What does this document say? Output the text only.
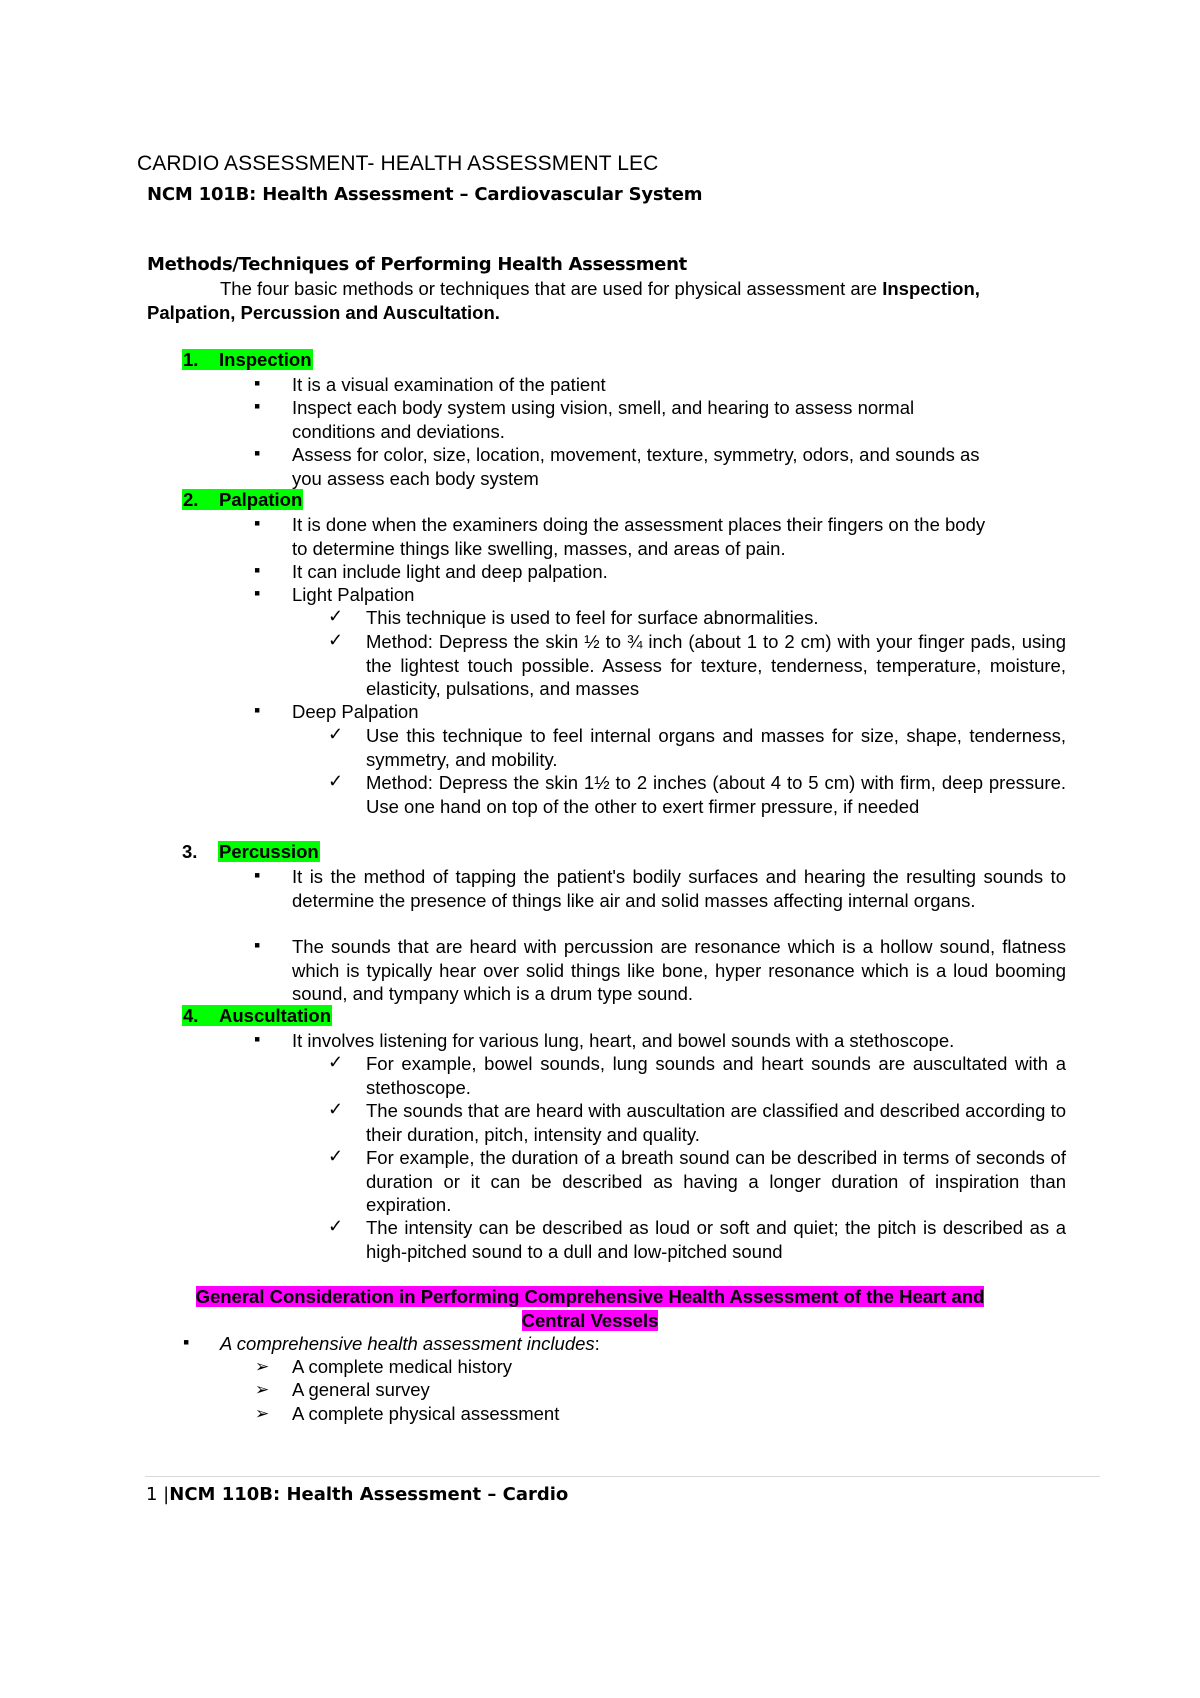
CARDIO ASSESSMENT- HEALTH ASSESSMENT LEC
NCM 101B: Health Assessment – Cardiovascular System
Methods/Techniques of Performing Health Assessment
The four basic methods or techniques that are used for physical assessment are Inspection,
Palpation, Percussion and Auscultation.
1. Inspection
▪ It is a visual examination of the patient
▪ Inspect each body system using vision, smell, and hearing to assess normal
conditions and deviations.
▪ Assess for color, size, location, movement, texture, symmetry, odors, and sounds as
you assess each body system
2. Palpation
▪ It is done when the examiners doing the assessment places their fingers on the body
to determine things like swelling, masses, and areas of pain.
▪ It can include light and deep palpation.
▪ Light Palpation
✓ This technique is used to feel for surface abnormalities.
✓ Method: Depress the skin ½ to ¾ inch (about 1 to 2 cm) with your finger pads, using the lightest touch possible. Assess for texture, tenderness, temperature, moisture, elasticity, pulsations, and masses
▪ Deep Palpation
✓ Use this technique to feel internal organs and masses for size, shape, tenderness, symmetry, and mobility.
✓ Method: Depress the skin 1½ to 2 inches (about 4 to 5 cm) with firm, deep pressure. Use one hand on top of the other to exert firmer pressure, if needed
3. Percussion
▪ It is the method of tapping the patient's bodily surfaces and hearing the resulting sounds to determine the presence of things like air and solid masses affecting internal organs.
▪ The sounds that are heard with percussion are resonance which is a hollow sound, flatness which is typically hear over solid things like bone, hyper resonance which is a loud booming sound, and tympany which is a drum type sound.
4. Auscultation
▪ It involves listening for various lung, heart, and bowel sounds with a stethoscope.
✓ For example, bowel sounds, lung sounds and heart sounds are auscultated with a stethoscope.
✓ The sounds that are heard with auscultation are classified and described according to their duration, pitch, intensity and quality.
✓ For example, the duration of a breath sound can be described in terms of seconds of duration or it can be described as having a longer duration of inspiration than expiration.
✓ The intensity can be described as loud or soft and quiet; the pitch is described as a high-pitched sound to a dull and low-pitched sound
General Consideration in Performing Comprehensive Health Assessment of the Heart and
Central Vessels
▪ A comprehensive health assessment includes:
➢ A complete medical history
➢ A general survey
➢ A complete physical assessment
1 |NCM 110B: Health Assessment – Cardio
